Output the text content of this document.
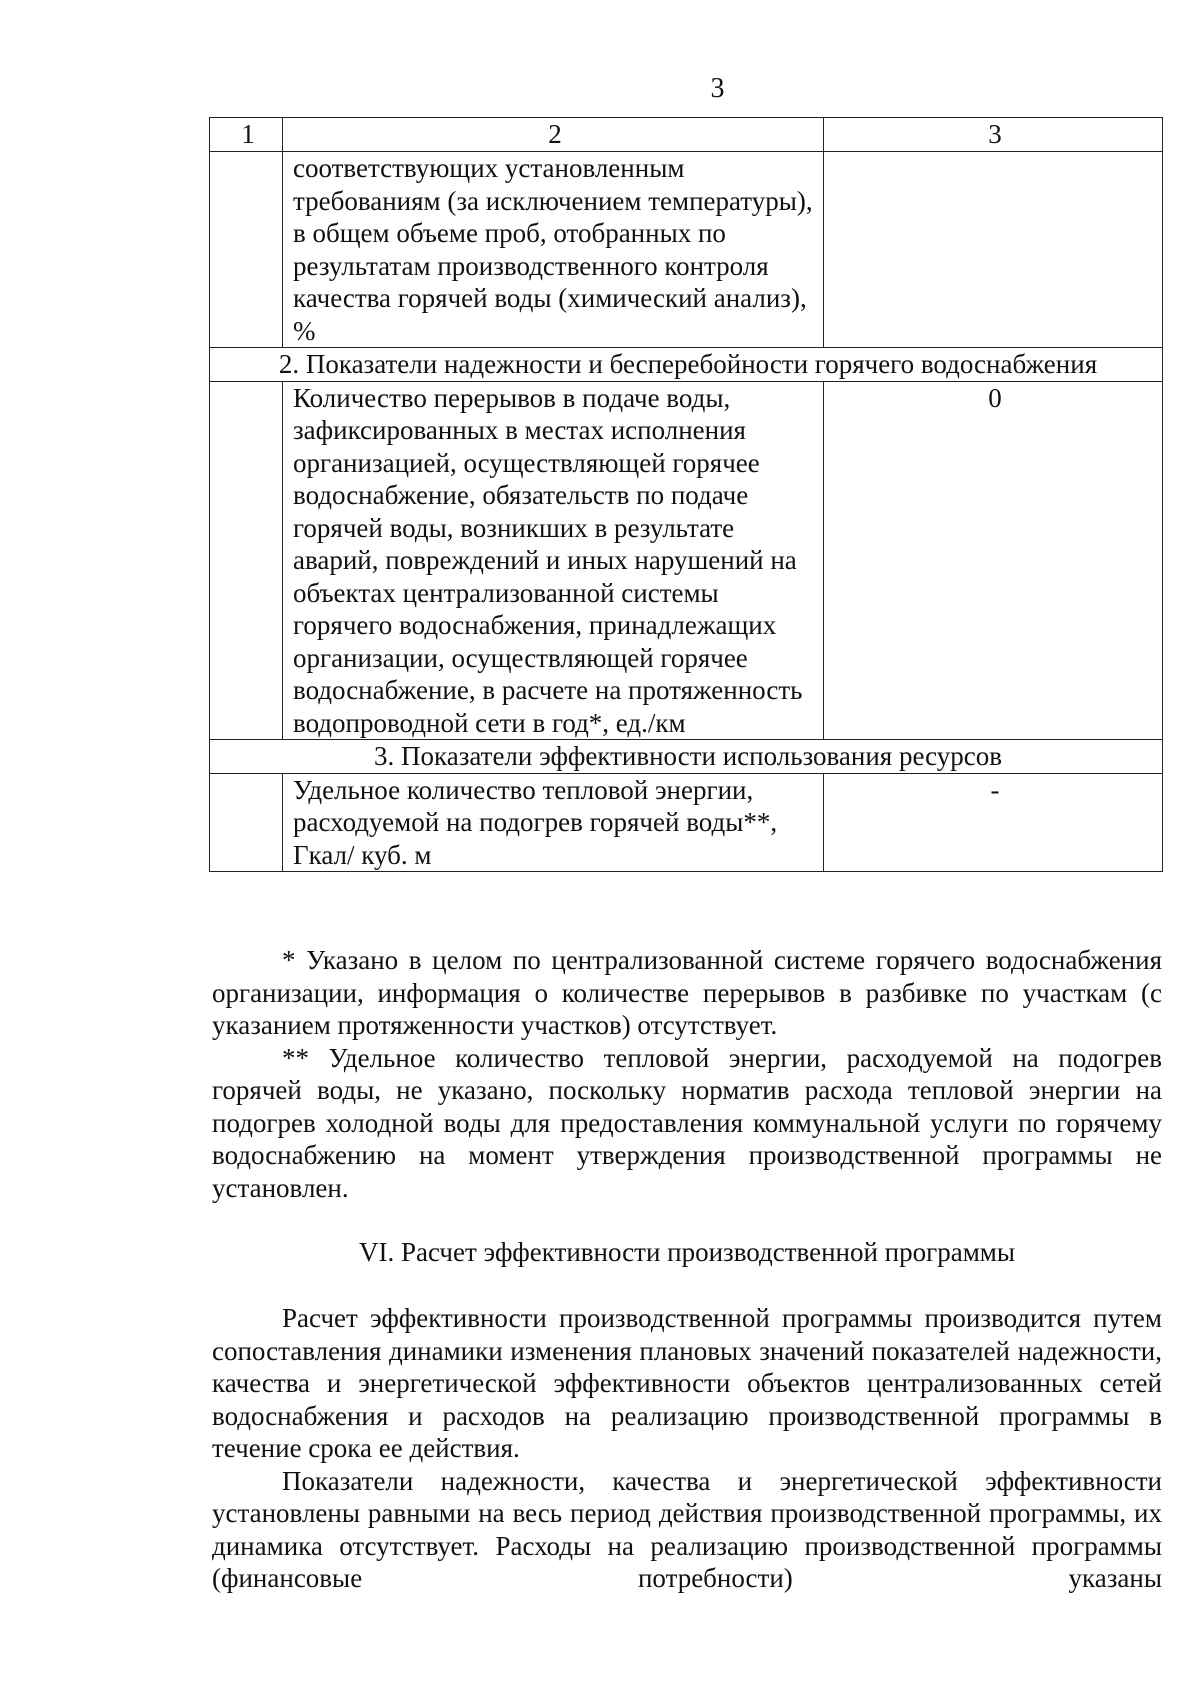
3
1	2	3
	соответствующих установленным требованиям (за исключением температуры), в общем объеме проб, отобранных по результатам производственного контроля качества горячей воды (химический анализ), %	
2. Показатели надежности и бесперебойности горячего водоснабжения		
	Количество перерывов в подаче воды, зафиксированных в местах исполнения организацией, осуществляющей горячее водоснабжение, обязательств по подаче горячей воды, возникших в результате аварий, повреждений и иных нарушений на объектах централизованной системы горячего водоснабжения, принадлежащих организации, осуществляющей горячее водоснабжение, в расчете на протяженность водопроводной сети в год*, ед./км	0
3. Показатели эффективности использования ресурсов		
	Удельное количество тепловой энергии, расходуемой на подогрев горячей воды**, Гкал/ куб. м	-

* Указано в целом по централизованной системе горячего водоснабжения организации, информация о количестве перерывов в разбивке по участкам (с указанием протяженности участков) отсутствует.

** Удельное количество тепловой энергии, расходуемой на подогрев горячей воды, не указано, поскольку норматив расхода тепловой энергии на подогрев холодной воды для предоставления коммунальной услуги по горячему водоснабжению на момент утверждения производственной программы не установлен.

VI. Расчет эффективности производственной программы

Расчет эффективности производственной программы производится путем сопоставления динамики изменения плановых значений показателей надежности, качества и энергетической эффективности объектов централизованных сетей водоснабжения и расходов на реализацию производственной программы в течение срока ее действия.

Показатели надежности, качества и энергетической эффективности установлены равными на весь период действия производственной программы, их динамика отсутствует. Расходы на реализацию производственной программы (финансовые потребности) указаны
